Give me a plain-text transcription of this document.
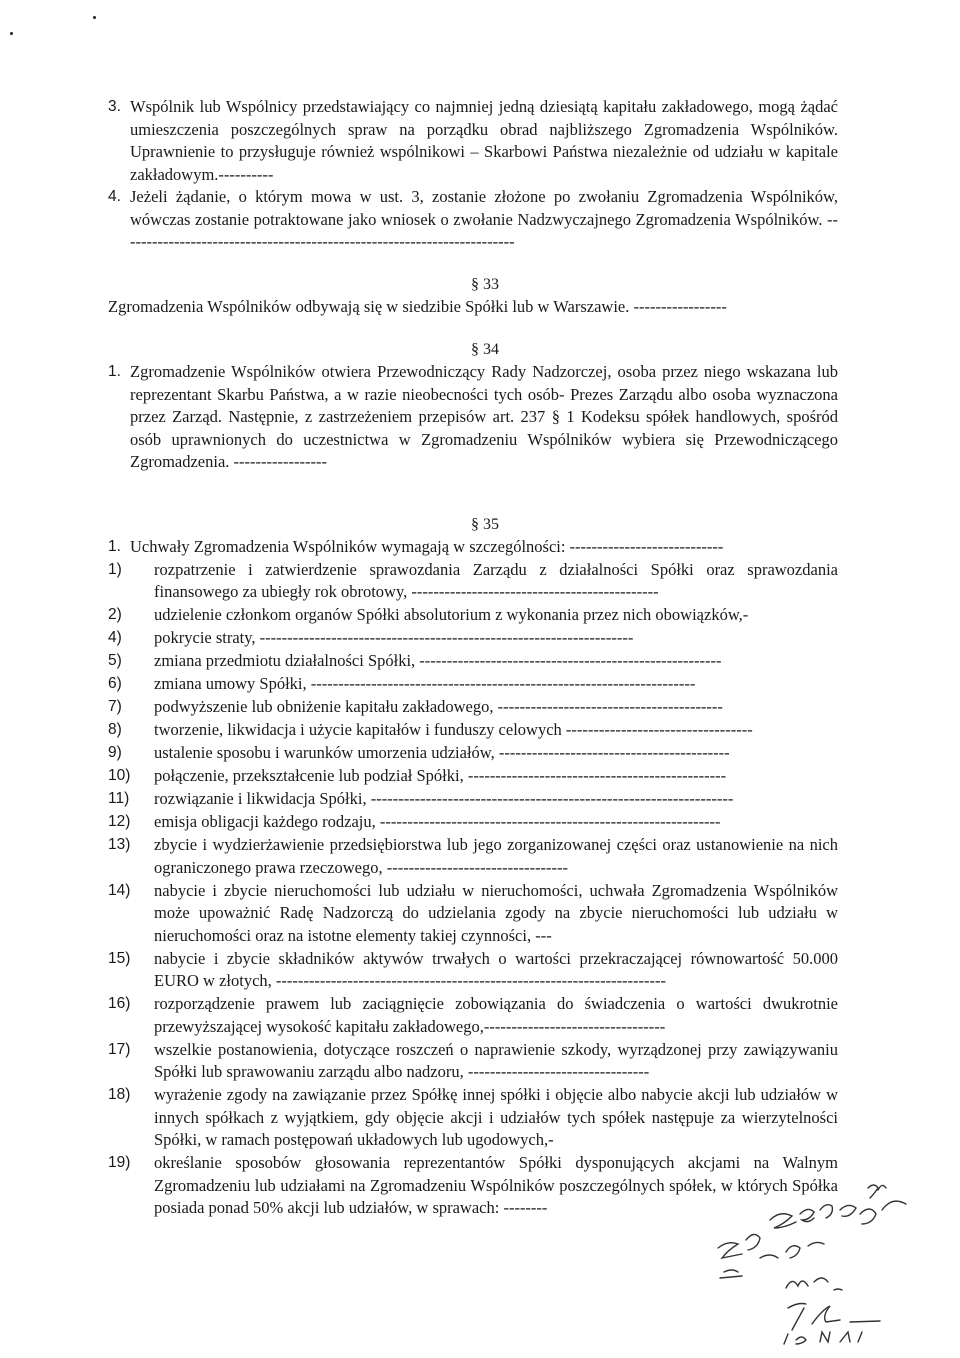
3. Wspólnik lub Wspólnicy przedstawiający co najmniej jedną dziesiątą kapitału zakładowego, mogą żądać umieszczenia poszczególnych spraw na porządku obrad najbliższego Zgromadzenia Wspólników. Uprawnienie to przysługuje również wspólnikowi – Skarbowi Państwa niezależnie od udziału w kapitale zakładowym.----------

4. Jeżeli żądanie, o którym mowa w ust. 3, zostanie złożone po zwołaniu Zgromadzenia Wspólników, wówczas zostanie potraktowane jako wniosek o zwołanie Nadzwyczajnego Zgromadzenia Wspólników. ------------------------------------------------------------------------

§ 33

Zgromadzenia Wspólników odbywają się w siedzibie Spółki lub w Warszawie. -----------------

§ 34

1. Zgromadzenie Wspólników otwiera Przewodniczący Rady Nadzorczej, osoba przez niego wskazana lub reprezentant Skarbu Państwa, a w razie nieobecności tych osób- Prezes Zarządu albo osoba wyznaczona przez Zarząd. Następnie, z zastrzeżeniem przepisów art. 237 § 1 Kodeksu spółek handlowych, spośród osób uprawnionych do uczestnictwa w Zgromadzeniu Wspólników wybiera się Przewodniczącego Zgromadzenia. -----------------

§ 35

1. Uchwały Zgromadzenia Wspólników wymagają w szczególności: ----------------------------

1)	rozpatrzenie i zatwierdzenie sprawozdania Zarządu z działalności Spółki oraz sprawozdania finansowego za ubiegły rok obrotowy, ---------------------------------------------
2)	udzielenie członkom organów Spółki absolutorium z wykonania przez nich obowiązków,-
4)	pokrycie straty, --------------------------------------------------------------------
5)	zmiana przedmiotu działalności Spółki, -------------------------------------------------------
6)	zmiana umowy Spółki, ----------------------------------------------------------------------
7)	podwyższenie lub obniżenie kapitału zakładowego, -----------------------------------------
8)	tworzenie, likwidacja i użycie kapitałów i funduszy celowych ----------------------------------
9)	ustalenie sposobu i warunków umorzenia udziałów, ------------------------------------------
10)	połączenie, przekształcenie lub podział Spółki, -----------------------------------------------
11)	rozwiązanie i likwidacja Spółki, ------------------------------------------------------------------
12)	emisja obligacji każdego rodzaju, --------------------------------------------------------------
13)	zbycie i wydzierżawienie przedsiębiorstwa lub jego zorganizowanej części oraz ustanowienie na nich ograniczonego prawa rzeczowego, ---------------------------------
14)	nabycie i zbycie nieruchomości lub udziału w nieruchomości, uchwała Zgromadzenia Wspólników może upoważnić Radę Nadzorczą do udzielania zgody na zbycie nieruchomości lub udziału w nieruchomości oraz na istotne elementy takiej czynności, ---
15)	nabycie i zbycie składników aktywów trwałych o wartości przekraczającej równowartość 50.000 EURO w złotych, -----------------------------------------------------------------------
16)	rozporządzenie prawem lub zaciągnięcie zobowiązania do świadczenia o wartości dwukrotnie przewyższającej wysokość kapitału zakładowego,---------------------------------
17)	wszelkie postanowienia, dotyczące roszczeń o naprawienie szkody, wyrządzonej przy zawiązywaniu Spółki lub sprawowaniu zarządu albo nadzoru, ---------------------------------
18)	wyrażenie zgody na zawiązanie przez Spółkę innej spółki i objęcie albo nabycie akcji lub udziałów w innych spółkach z wyjątkiem, gdy objęcie akcji i udziałów tych spółek następuje za wierzytelności Spółki, w ramach postępowań układowych lub ugodowych,-
19)	określanie sposobów głosowania reprezentantów Spółki dysponujących akcjami na Walnym Zgromadzeniu lub udziałami na Zgromadzeniu Wspólników poszczególnych spółek, w których Spółka posiada ponad 50% akcji lub udziałów, w sprawach: --------
